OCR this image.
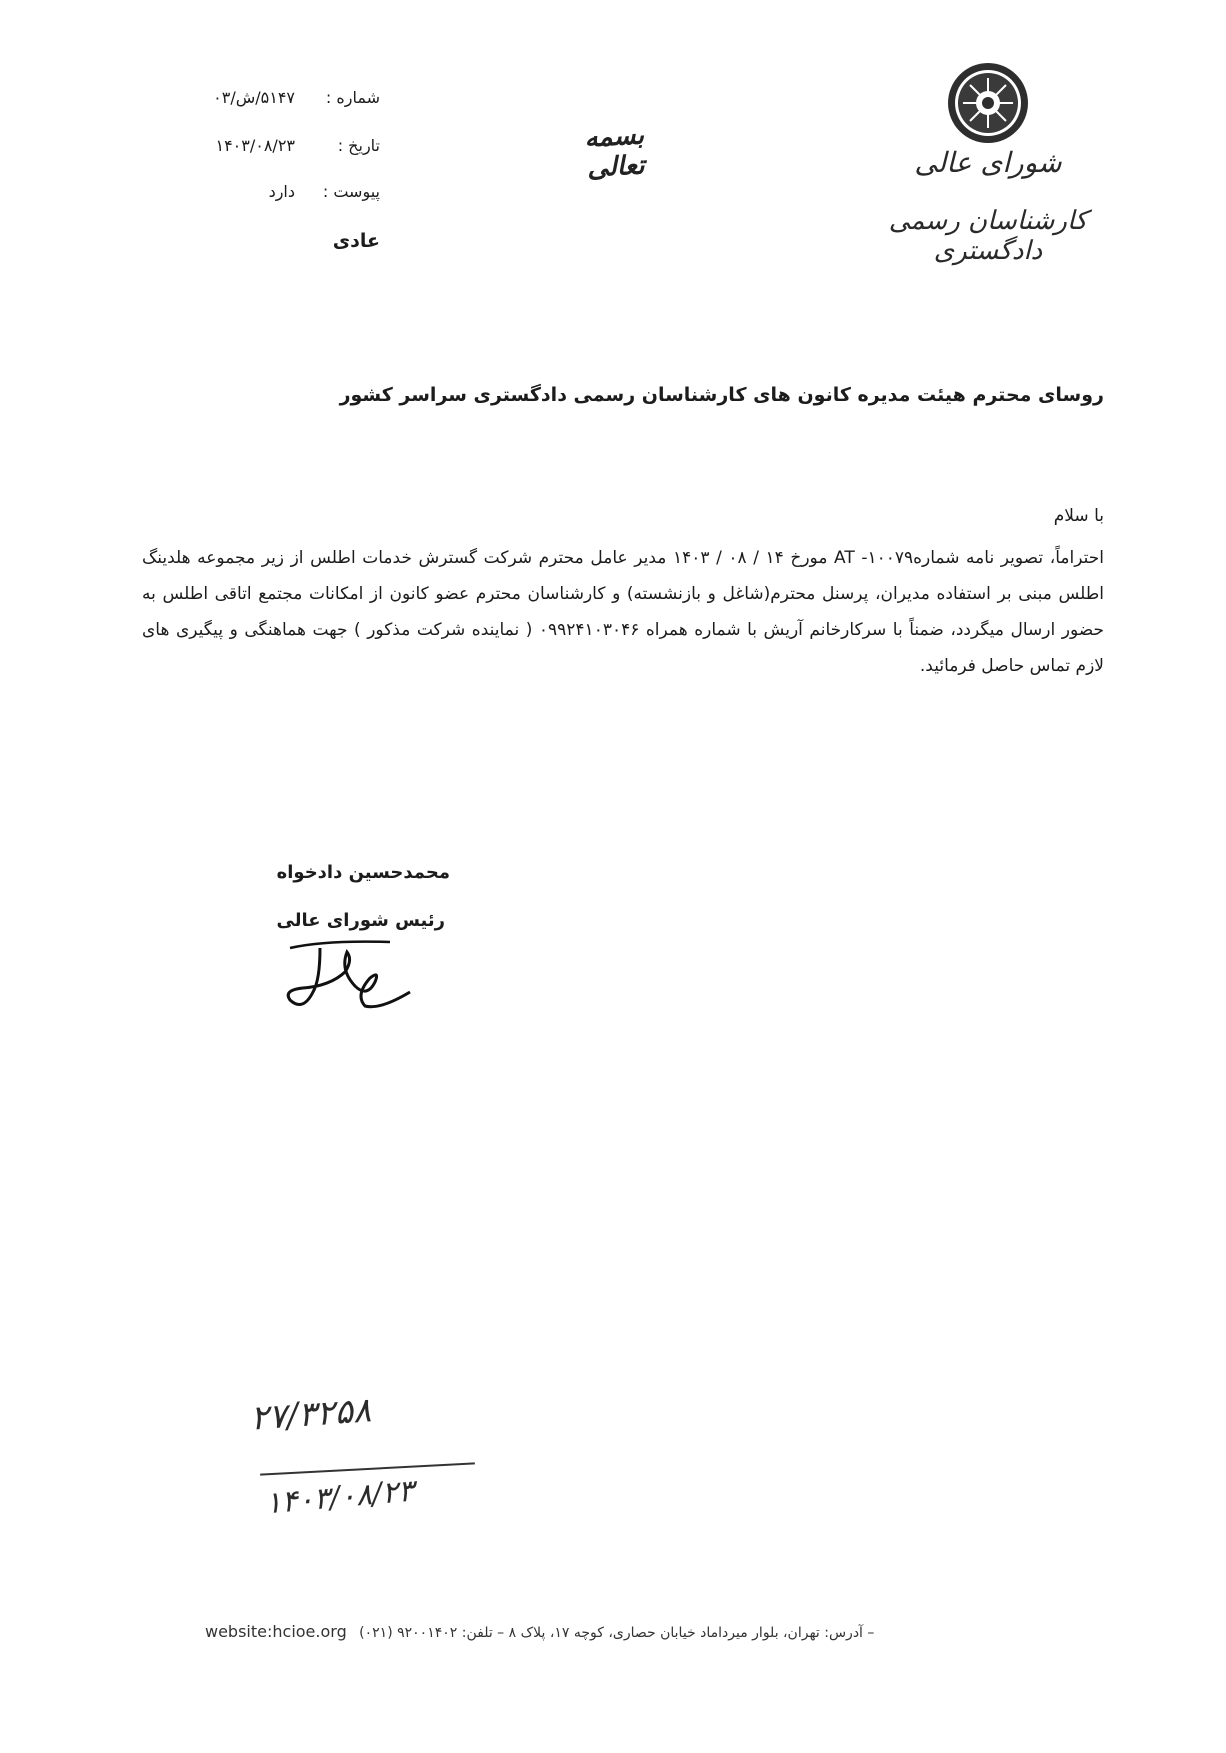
شورای عالی
کارشناسان رسمی دادگستری
بسمه تعالی
شماره :
۵۱۴۷/ش/۰۳
تاریخ :
۱۴۰۳/۰۸/۲۳
پیوست :
دارد
عادی
روسای محترم هیئت مدیره کانون های کارشناسان رسمی دادگستری سراسر کشور
با سلام
احتراماً، تصویر نامه شماره۱۰۰۷۹- AT مورخ ۱۴ / ۰۸ / ۱۴۰۳ مدیر عامل محترم شرکت گسترش خدمات اطلس از زیر مجموعه هلدینگ اطلس مبنی بر استفاده مدیران، پرسنل محترم(شاغل و بازنشسته) و کارشناسان محترم عضو کانون از امکانات مجتمع اتاقی اطلس به حضور ارسال میگردد، ضمناً با سرکارخانم آریش با شماره همراه ۰۹۹۲۴۱۰۳۰۴۶ ( نماینده شرکت مذکور ) جهت هماهنگی و پیگیری های لازم تماس حاصل فرمائید.
محمدحسین دادخواه
رئیس شورای عالی
۲۷/۳۲۵۸
۱۴۰۳/۰۸/۲۳
website:hcioe.org آدرس: تهران، بلوار میرداماد خیابان حصاری، کوچه ۱۷، پلاک ۸ – تلفن: ۹۲۰۰۱۴۰۲ (۰۲۱) –
